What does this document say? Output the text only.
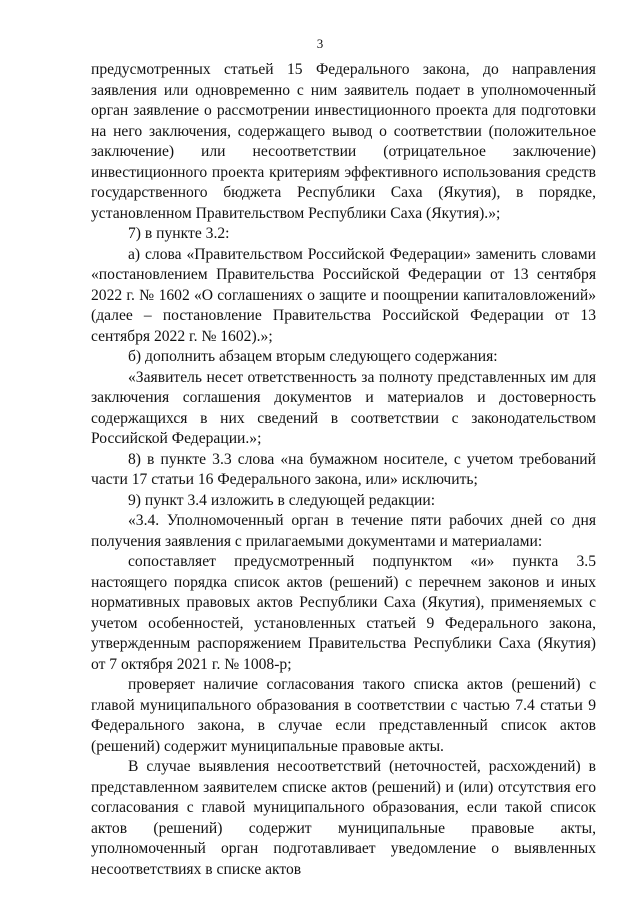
3

предусмотренных статьей 15 Федерального закона, до направления заявления или одновременно с ним заявитель подает в уполномоченный орган заявление о рассмотрении инвестиционного проекта для подготовки на него заключения, содержащего вывод о соответствии (положительное заключение) или несоответствии (отрицательное заключение) инвестиционного проекта критериям эффективного использования средств государственного бюджета Республики Саха (Якутия), в порядке, установленном Правительством Республики Саха (Якутия).»;

7) в пункте 3.2:

а) слова «Правительством Российской Федерации» заменить словами «постановлением Правительства Российской Федерации от 13 сентября 2022 г. № 1602 «О соглашениях о защите и поощрении капиталовложений» (далее – постановление Правительства Российской Федерации от 13 сентября 2022 г. № 1602).»;

б) дополнить абзацем вторым следующего содержания:

«Заявитель несет ответственность за полноту представленных им для заключения соглашения документов и материалов и достоверность содержащихся в них сведений в соответствии с законодательством Российской Федерации.»;

8) в пункте 3.3 слова «на бумажном носителе, с учетом требований части 17 статьи 16 Федерального закона, или» исключить;

9) пункт 3.4 изложить в следующей редакции:

«3.4. Уполномоченный орган в течение пяти рабочих дней со дня получения заявления с прилагаемыми документами и материалами:

сопоставляет предусмотренный подпунктом «и» пункта 3.5 настоящего порядка список актов (решений) с перечнем законов и иных нормативных правовых актов Республики Саха (Якутия), применяемых с учетом особенностей, установленных статьей 9 Федерального закона, утвержденным распоряжением Правительства Республики Саха (Якутия) от 7 октября 2021 г. № 1008-р;

проверяет наличие согласования такого списка актов (решений) с главой муниципального образования в соответствии с частью 7.4 статьи 9 Федерального закона, в случае если представленный список актов (решений) содержит муниципальные правовые акты.

В случае выявления несоответствий (неточностей, расхождений) в представленном заявителем списке актов (решений) и (или) отсутствия его согласования с главой муниципального образования, если такой список актов (решений) содержит муниципальные правовые акты, уполномоченный орган подготавливает уведомление о выявленных несоответствиях в списке актов
